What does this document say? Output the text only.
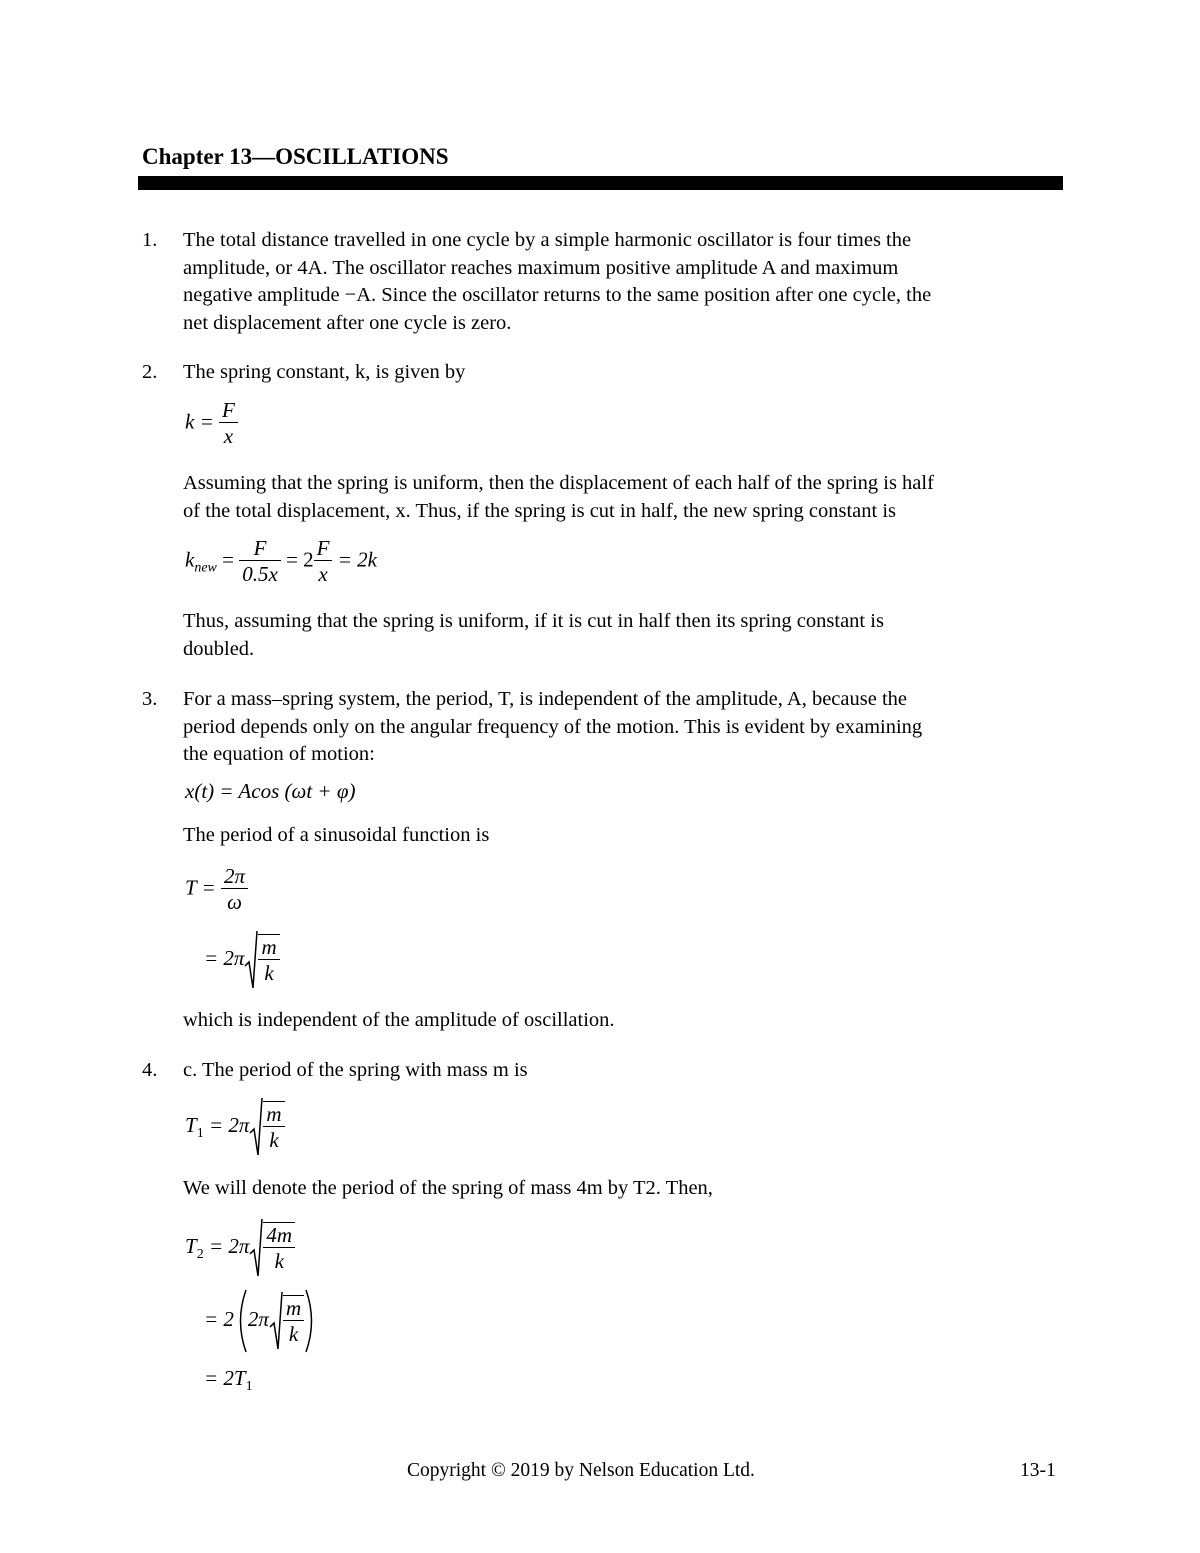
Chapter 13—OSCILLATIONS
1. The total distance travelled in one cycle by a simple harmonic oscillator is four times the
amplitude, or 4A. The oscillator reaches maximum positive amplitude A and maximum
negative amplitude −A. Since the oscillator returns to the same position after one cycle, the
net displacement after one cycle is zero.
2. The spring constant, k, is given by
$k = \frac{F}{x}$
Assuming that the spring is uniform, then the displacement of each half of the spring is half
of the total displacement, x. Thus, if the spring is cut in half, the new spring constant is
$k_{new} = \frac{F}{0.5x} = 2 \frac{F}{x} = 2k$
Thus, assuming that the spring is uniform, if it is cut in half then its spring constant is
doubled.
3. For a mass–spring system, the period, T, is independent of the amplitude, A, because the
period depends only on the angular frequency of the motion. This is evident by examining
the equation of motion:
x(t) = Acos (ωt + φ)
The period of a sinusoidal function is
$T = \frac{2\pi}{\omega}$
= $2\pi \frac{m}{k}$
which is independent of the amplitude of oscillation.
4. c. The period of the spring with mass m is
$T_1 = 2\pi \frac{m}{k}$
We will denote the period of the spring of mass 4m by T2. Then,
$T_2 = 2\pi \frac{4m}{k}$
= 2 $2\pi \frac{m}{k}$
= $2T_1$
Copyright © 2019 by Nelson Education Ltd.	13-1
